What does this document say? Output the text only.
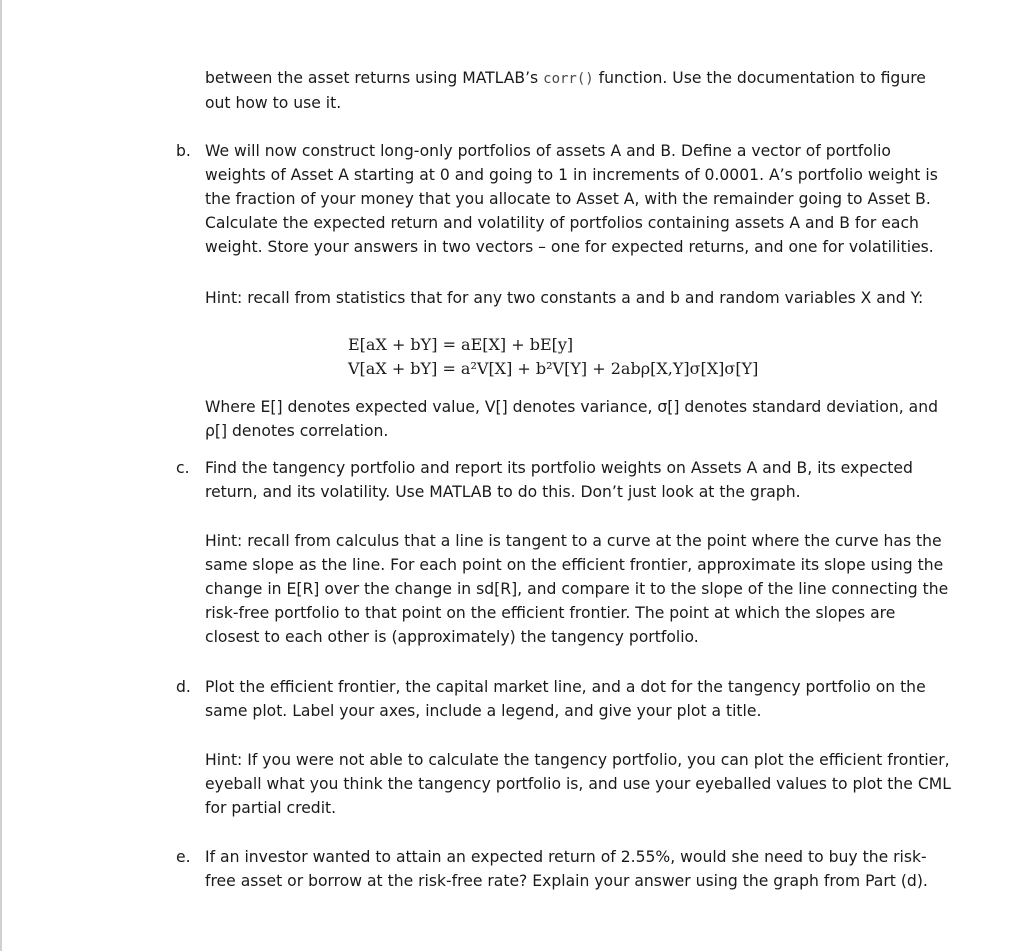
between the asset returns using MATLAB’s corr() function. Use the documentation to figure
out how to use it.

b. We will now construct long-only portfolios of assets A and B. Define a vector of portfolio
weights of Asset A starting at 0 and going to 1 in increments of 0.0001. A’s portfolio weight is
the fraction of your money that you allocate to Asset A, with the remainder going to Asset B.
Calculate the expected return and volatility of portfolios containing assets A and B for each
weight. Store your answers in two vectors – one for expected returns, and one for volatilities.

Hint: recall from statistics that for any two constants a and b and random variables X and Y:

E[aX + bY] = aE[X] + bE[y]
V[aX + bY] = a²V[X] + b²V[Y] + 2abρ[X,Y]σ[X]σ[Y]

Where E[] denotes expected value, V[] denotes variance, σ[] denotes standard deviation, and
ρ[] denotes correlation.

c. Find the tangency portfolio and report its portfolio weights on Assets A and B, its expected
return, and its volatility. Use MATLAB to do this. Don’t just look at the graph.

Hint: recall from calculus that a line is tangent to a curve at the point where the curve has the
same slope as the line. For each point on the efficient frontier, approximate its slope using the
change in E[R] over the change in sd[R], and compare it to the slope of the line connecting the
risk-free portfolio to that point on the efficient frontier. The point at which the slopes are
closest to each other is (approximately) the tangency portfolio.

d. Plot the efficient frontier, the capital market line, and a dot for the tangency portfolio on the
same plot. Label your axes, include a legend, and give your plot a title.

Hint: If you were not able to calculate the tangency portfolio, you can plot the efficient frontier,
eyeball what you think the tangency portfolio is, and use your eyeballed values to plot the CML
for partial credit.

e. If an investor wanted to attain an expected return of 2.55%, would she need to buy the risk-
free asset or borrow at the risk-free rate? Explain your answer using the graph from Part (d).
